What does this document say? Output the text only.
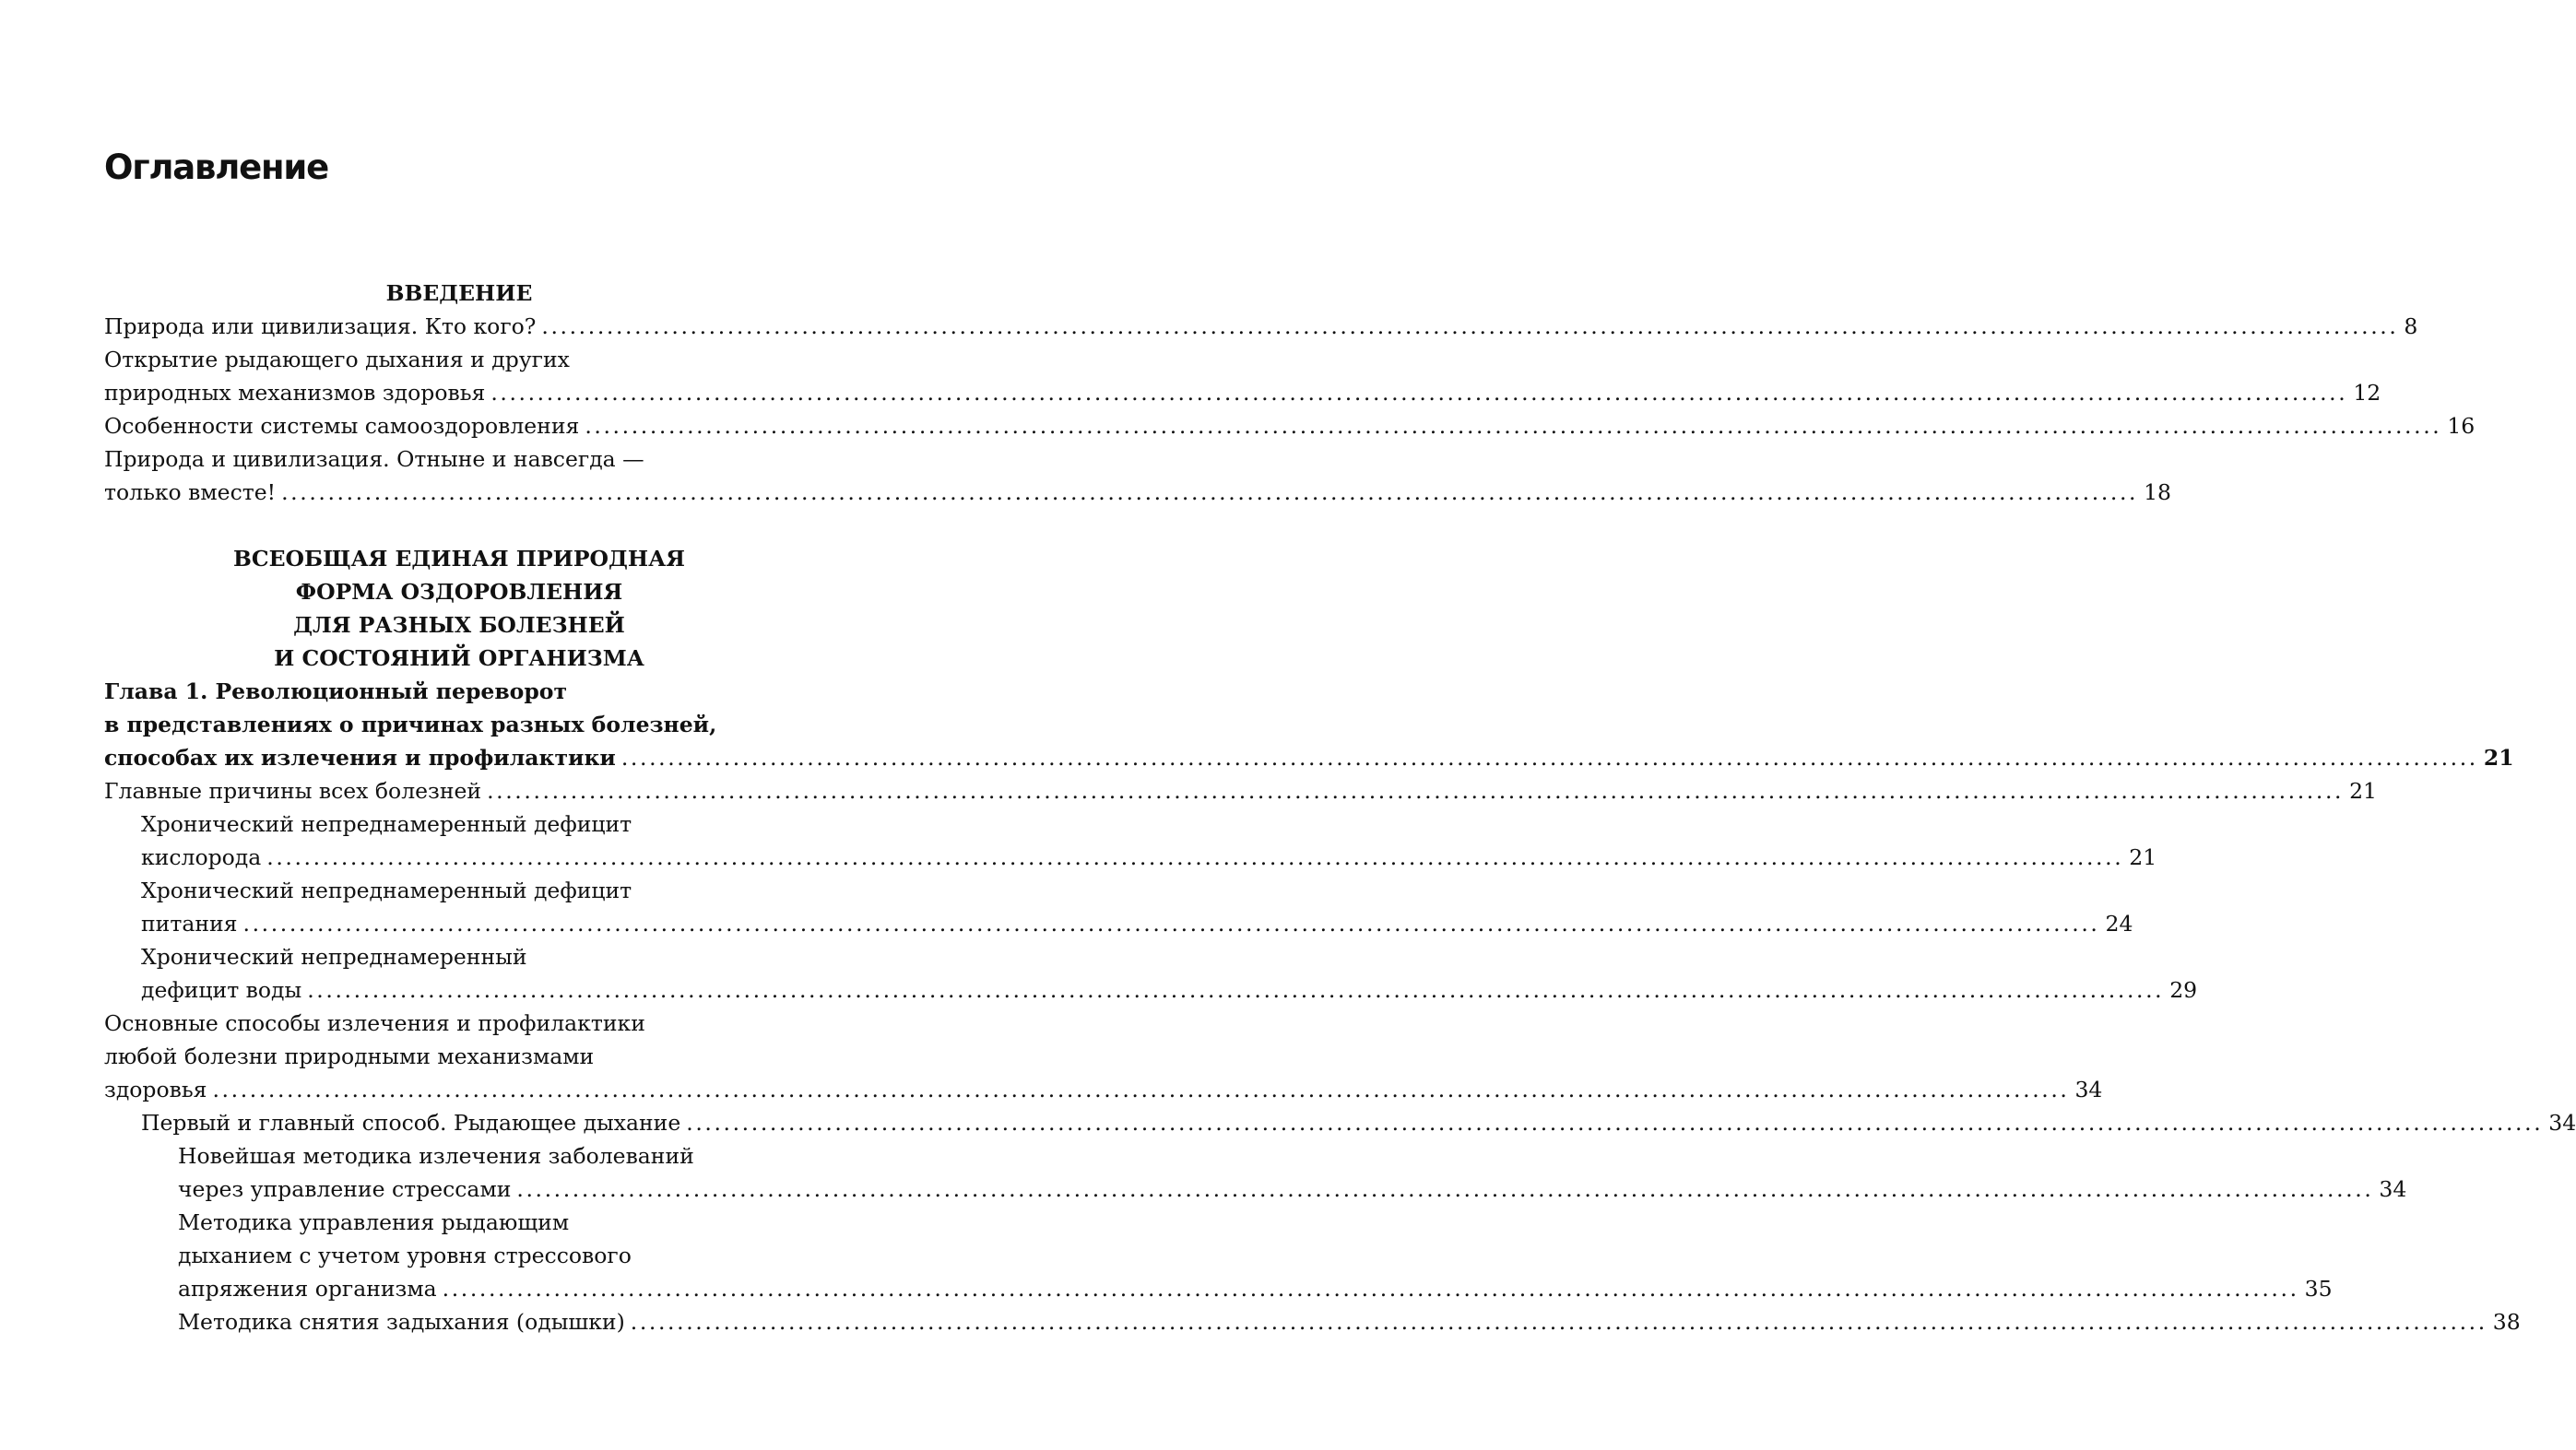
Оглавление
ВВЕДЕНИЕ
Природа или цивилизация. Кто кого? ........................................................................................................................................................................................................ 8
Открытие рыдающего дыхания и других
природных механизмов здоровья ........................................................................................................................................................................................................ 12
Особенности системы самооздоровления ........................................................................................................................................................................................................ 16
Природа и цивилизация. Отныне и навсегда —
только вместе! ........................................................................................................................................................................................................ 18
ВСЕОБЩАЯ ЕДИНАЯ ПРИРОДНАЯ
ФОРМА ОЗДОРОВЛЕНИЯ
ДЛЯ РАЗНЫХ БОЛЕЗНЕЙ
И СОСТОЯНИЙ ОРГАНИЗМА
Глава 1. Революционный переворот
в представлениях о причинах разных болезней,
способах их излечения и профилактики ........................................................................................................................................................................................................ 21
Главные причины всех болезней ........................................................................................................................................................................................................ 21
Хронический непреднамеренный дефицит
кислорода ........................................................................................................................................................................................................ 21
Хронический непреднамеренный дефицит
питания ........................................................................................................................................................................................................ 24
Хронический непреднамеренный
дефицит воды ........................................................................................................................................................................................................ 29
Основные способы излечения и профилактики
любой болезни природными механизмами
здоровья ........................................................................................................................................................................................................ 34
Первый и главный способ. Рыдающее дыхание ........................................................................................................................................................................................................ 34
Новейшая методика излечения заболеваний
через управление стрессами ........................................................................................................................................................................................................ 34
Методика управления рыдающим
дыханием с учетом уровня стрессового
апряжения организма ........................................................................................................................................................................................................ 35
Методика снятия задыхания (одышки) ........................................................................................................................................................................................................ 38
